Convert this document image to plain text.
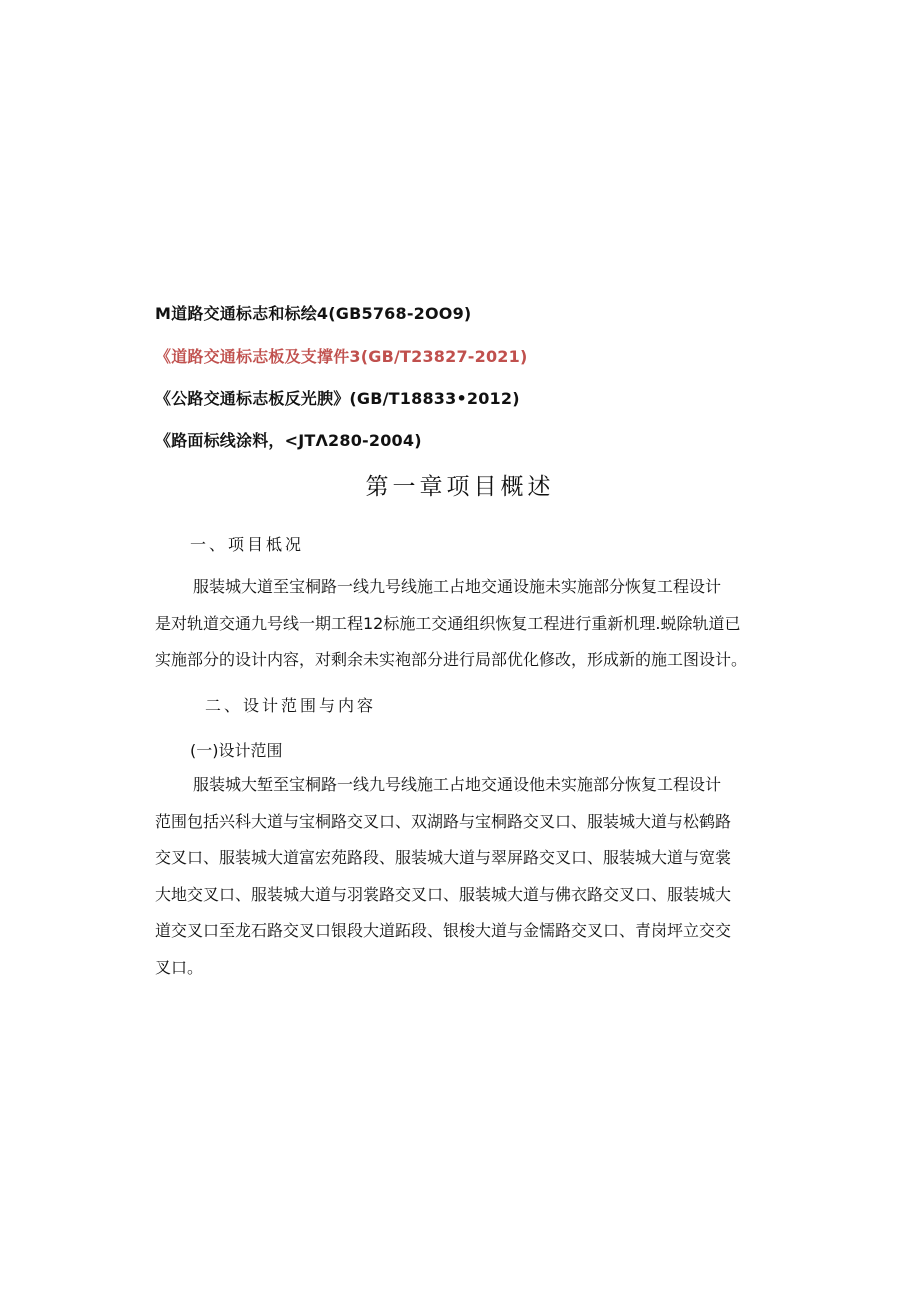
M道路交通标志和标绘4(GB5768-2OO9)
《道路交通标志板及支撑件3(GB/T23827-2021)
《公路交通标志板反光腴》(GB/T18833•2012)
《路面标线涂料，<JTΛ280-2004)
第一章项目概述
一、项目柢况
服装城大道至宝桐路一线九号线施工占地交通设施未实施部分恢复工程设计
是对轨道交通九号线一期工程12标施工交通组织恢复工程进行重新机理.蜕除轨道已
实施部分的设计内容，对剩余未实袍部分进行局部优化修改，形成新的施工图设计。
二、设计范围与内容
(一)设计范围
服装城大堑至宝桐路一线九号线施工占地交通设他未实施部分恢复工程设计
范围包括兴科大道与宝桐路交叉口、双湖路与宝桐路交叉口、服装城大道与松鹤路
交叉口、服装城大道富宏苑路段、服装城大道与翠屏路交叉口、服装城大道与宽裳
大地交叉口、服装城大道与羽裳路交叉口、服装城大道与佛衣路交叉口、服装城大
道交叉口至龙石路交叉口银段大道跖段、银梭大道与金懦路交叉口、青岗坪立交交
叉口。
